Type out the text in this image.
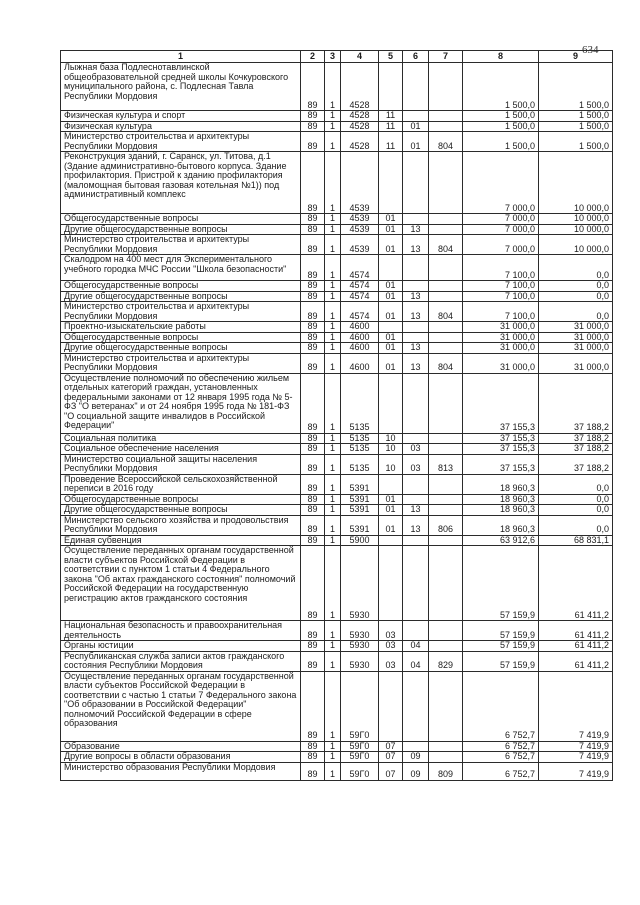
634
1	2	3	4	5	6	7	8	9
Лыжная база Подлеснотавлинской общеобразовательной средней школы Кочкуровского муниципального района, с. Подлесная Тавла Республики Мордовия	89	1	4528				1 500,0	1 500,0
Физическая культура и спорт	89	1	4528	11			1 500,0	1 500,0
Физическая культура	89	1	4528	11	01		1 500,0	1 500,0
Министерство строительства и архитектуры Республики Мордовия	89	1	4528	11	01	804	1 500,0	1 500,0
Реконструкция зданий, г. Саранск, ул. Титова, д.1 (Здание административно-бытового корпуса. Здание профилактория. Пристрой к зданию профилактория (маломощная бытовая газовая котельная №1)) под административный комплекс	89	1	4539				7 000,0	10 000,0
Общегосударственные вопросы	89	1	4539	01			7 000,0	10 000,0
Другие общегосударственные вопросы	89	1	4539	01	13		7 000,0	10 000,0
Министерство строительства и архитектуры Республики Мордовия	89	1	4539	01	13	804	7 000,0	10 000,0
Скалодром на 400 мест для Экспериментального учебного городка МЧС России "Школа безопасности"	89	1	4574				7 100,0	0,0
Общегосударственные вопросы	89	1	4574	01			7 100,0	0,0
Другие общегосударственные вопросы	89	1	4574	01	13		7 100,0	0,0
Министерство строительства и архитектуры Республики Мордовия	89	1	4574	01	13	804	7 100,0	0,0
Проектно-изыскательские работы	89	1	4600				31 000,0	31 000,0
Общегосударственные вопросы	89	1	4600	01			31 000,0	31 000,0
Другие общегосударственные вопросы	89	1	4600	01	13		31 000,0	31 000,0
Министерство строительства и архитектуры Республики Мордовия	89	1	4600	01	13	804	31 000,0	31 000,0
Осуществление полномочий по обеспечению жильем отдельных категорий граждан, установленных федеральными законами от 12 января 1995 года № 5-ФЗ "О ветеранах" и от 24 ноября 1995 года № 181-ФЗ "О социальной защите инвалидов в Российской Федерации"	89	1	5135				37 155,3	37 188,2
Социальная политика	89	1	5135	10			37 155,3	37 188,2
Социальное обеспечение населения	89	1	5135	10	03		37 155,3	37 188,2
Министерство социальной защиты населения Республики Мордовия	89	1	5135	10	03	813	37 155,3	37 188,2
Проведение Всероссийской сельскохозяйственной переписи в 2016 году	89	1	5391				18 960,3	0,0
Общегосударственные вопросы	89	1	5391	01			18 960,3	0,0
Другие общегосударственные вопросы	89	1	5391	01	13		18 960,3	0,0
Министерство сельского хозяйства и продовольствия Республики Мордовия	89	1	5391	01	13	806	18 960,3	0,0
Единая субвенция	89	1	5900				63 912,6	68 831,1
Осуществление переданных органам государственной власти субъектов Российской Федерации в соответствии с пунктом 1 статьи 4 Федерального закона "Об актах гражданского состояния" полномочий Российской Федерации на государственную регистрацию актов гражданского состояния	89	1	5930				57 159,9	61 411,2
Национальная безопасность и правоохранительная деятельность	89	1	5930	03			57 159,9	61 411,2
Органы юстиции	89	1	5930	03	04		57 159,9	61 411,2
Республиканская служба записи актов гражданского состояния Республики Мордовия	89	1	5930	03	04	829	57 159,9	61 411,2
Осуществление переданных органам государственной власти субъектов Российской Федерации в соответствии с частью 1 статьи 7 Федерального закона "Об образовании в Российской Федерации" полномочий Российской Федерации в сфере образования	89	1	59Г0				6 752,7	7 419,9
Образование	89	1	59Г0	07			6 752,7	7 419,9
Другие вопросы в области образования	89	1	59Г0	07	09		6 752,7	7 419,9
Министерство образования Республики Мордовия	89	1	59Г0	07	09	809	6 752,7	7 419,9
